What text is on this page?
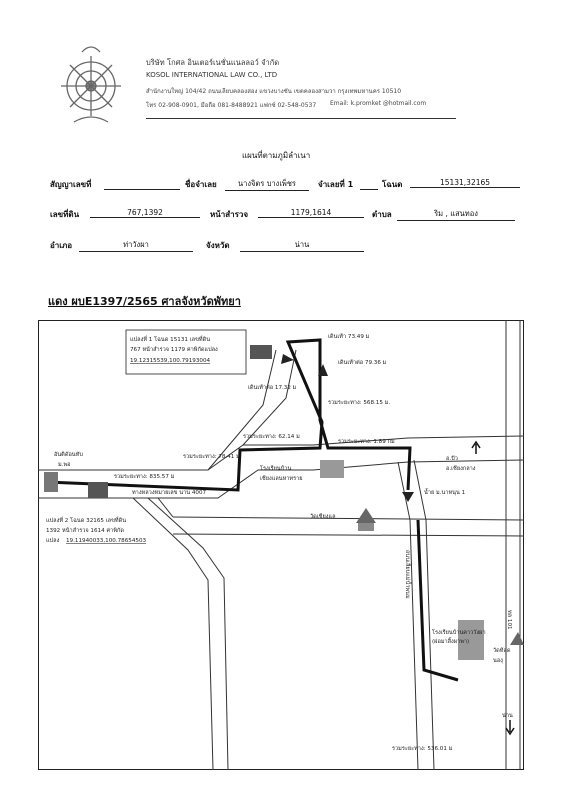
บริษัท โกศล อินเตอร์เนชั่นแนลลอว์ จำกัด
KOSOL INTERNATIONAL LAW CO., LTD
สำนักงานใหญ่ 104/42 ถนนเลียบคลองสอง แขวงบางชัน เขตคลองสามวา กรุงเทพมหานคร 10510
โทร 02-908-0901, มือถือ 081-8488921 แฟกซ์ 02-548-0537 Email: k.promket @hotmail.com
แผนที่ตามภูมิลำเนา
สัญญาเลขที่	ชื่อจำเลย	นางจิตร บางเพ็ชร	จำเลยที่ 1	โฉนด	15131,32165
เลขที่ดิน	767,1392	หน้าสำรวจ	1179,1614	ตำบล	ริม , แสนทอง
อำเภอ	ท่าวังผา	จังหวัด	น่าน
แดง ผบE1397/2565 ศาลจังหวัดพัทยา
แปลงที่ 1 โฉนด 15131 เลขที่ดิน
767 หน้าสำรวจ 1179 ค่าพิกัดแปลง
19.12315539,100.79193004
แปลงที่ 2 โฉนด 32165 เลขที่ดิน
1392 หน้าสำรวจ 1614 ค่าพิกัด
แปลง 19.11940033,100.78654503
เดินเท้า 73.49 ม
เดินเท้าต่อ 79.36 ม
เดินเท้าต่อ 17.32 ม
รวมระยะทาง: 568.15 ม.
รวมระยะทาง: 62.14 ม
รวมระยะทาง: 1.89 กม
รวมระยะทาง: 78.41 ม.
รวมระยะทาง: 835.57 ม
รวมระยะทาง: 536.01 ม
โรงเรียนบ้าน
เชียงแลนหาทราย
วัดเชียงแล
วัดท้อด
นองุ
โรงเรียนบ้านคาววังผา
(ผ่อมาสิ้งผาพา)
น้ำย ม.นาหนุน 1
อันติดัอนทับ
ม.พอ
อ.ปัว
อ.เชียงกลาง
น่าน
ทางหลวงหมายเลข นาน 4007
ถนนเลียบแม่น้ำพนม
ทล 101
